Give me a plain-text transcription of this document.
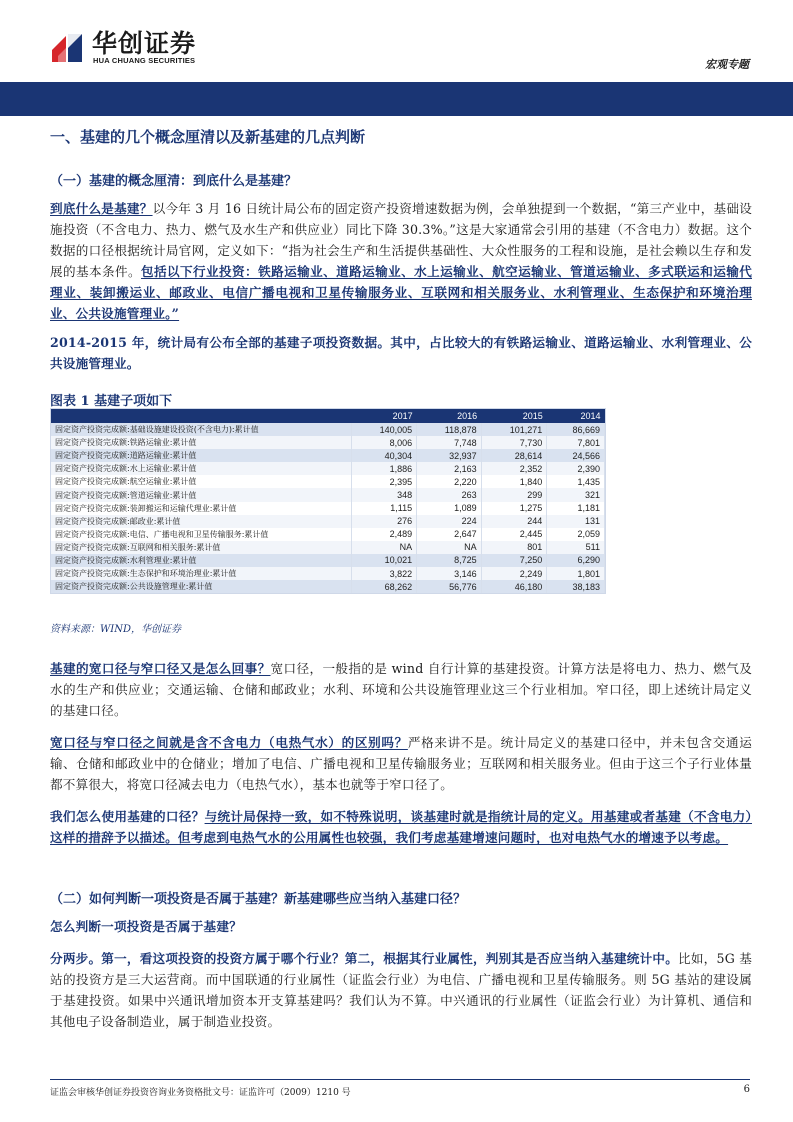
华创证券
HUA CHUANG SECURITIES	宏观专题
一、基建的几个概念厘清以及新基建的几点判断
（一）基建的概念厘清：到底什么是基建？
到底什么是基建？以今年 3 月 16 日统计局公布的固定资产投资增速数据为例，会单独提到一个数据，“第三产业中，基础设施投资（不含电力、热力、燃气及水生产和供应业）同比下降 30.3%。”这是大家通常会引用的基建（不含电力）数据。这个数据的口径根据统计局官网，定义如下：“指为社会生产和生活提供基础性、大众性服务的工程和设施，是社会赖以生存和发展的基本条件。包括以下行业投资：铁路运输业、道路运输业、水上运输业、航空运输业、管道运输业、多式联运和运输代理业、装卸搬运业、邮政业、电信广播电视和卫星传输服务业、互联网和相关服务业、水利管理业、生态保护和环境治理业、公共设施管理业。”
2014-2015 年，统计局有公布全部的基建子项投资数据。其中，占比较大的有铁路运输业、道路运输业、水利管理业、公共设施管理业。
图表 1 基建子项如下
	2017	2016	2015	2014
固定资产投资完成额:基础设施建设投资(不含电力):累计值	140,005	118,878	101,271	86,669
固定资产投资完成额:铁路运输业:累计值	8,006	7,748	7,730	7,801
固定资产投资完成额:道路运输业:累计值	40,304	32,937	28,614	24,566
固定资产投资完成额:水上运输业:累计值	1,886	2,163	2,352	2,390
固定资产投资完成额:航空运输业:累计值	2,395	2,220	1,840	1,435
固定资产投资完成额:管道运输业:累计值	348	263	299	321
固定资产投资完成额:装卸搬运和运输代理业:累计值	1,115	1,089	1,275	1,181
固定资产投资完成额:邮政业:累计值	276	224	244	131
固定资产投资完成额:电信、广播电视和卫星传输服务:累计值	2,489	2,647	2,445	2,059
固定资产投资完成额:互联网和相关服务:累计值	NA	NA	801	511
固定资产投资完成额:水利管理业:累计值	10,021	8,725	7,250	6,290
固定资产投资完成额:生态保护和环境治理业:累计值	3,822	3,146	2,249	1,801
固定资产投资完成额:公共设施管理业:累计值	68,262	56,776	46,180	38,183
资料来源：WIND，华创证券
基建的宽口径与窄口径又是怎么回事？宽口径，一般指的是 wind 自行计算的基建投资。计算方法是将电力、热力、燃气及水的生产和供应业；交通运输、仓储和邮政业；水利、环境和公共设施管理业这三个行业相加。窄口径，即上述统计局定义的基建口径。
宽口径与窄口径之间就是含不含电力（电热气水）的区别吗？严格来讲不是。统计局定义的基建口径中，并未包含交通运输、仓储和邮政业中的仓储业；增加了电信、广播电视和卫星传输服务业；互联网和相关服务业。但由于这三个子行业体量都不算很大，将宽口径减去电力（电热气水），基本也就等于窄口径了。
我们怎么使用基建的口径？与统计局保持一致，如不特殊说明，谈基建时就是指统计局的定义。用基建或者基建（不含电力）这样的措辞予以描述。但考虑到电热气水的公用属性也较强，我们考虑基建增速问题时，也对电热气水的增速予以考虑。
（二）如何判断一项投资是否属于基建？新基建哪些应当纳入基建口径？
怎么判断一项投资是否属于基建？
分两步。第一，看这项投资的投资方属于哪个行业？第二，根据其行业属性，判别其是否应当纳入基建统计中。比如，5G 基站的投资方是三大运营商。而中国联通的行业属性（证监会行业）为电信、广播电视和卫星传输服务。则 5G 基站的建设属于基建投资。如果中兴通讯增加资本开支算基建吗？我们认为不算。中兴通讯的行业属性（证监会行业）为计算机、通信和其他电子设备制造业，属于制造业投资。
证监会审核华创证券投资咨询业务资格批文号：证监许可（2009）1210 号	6
